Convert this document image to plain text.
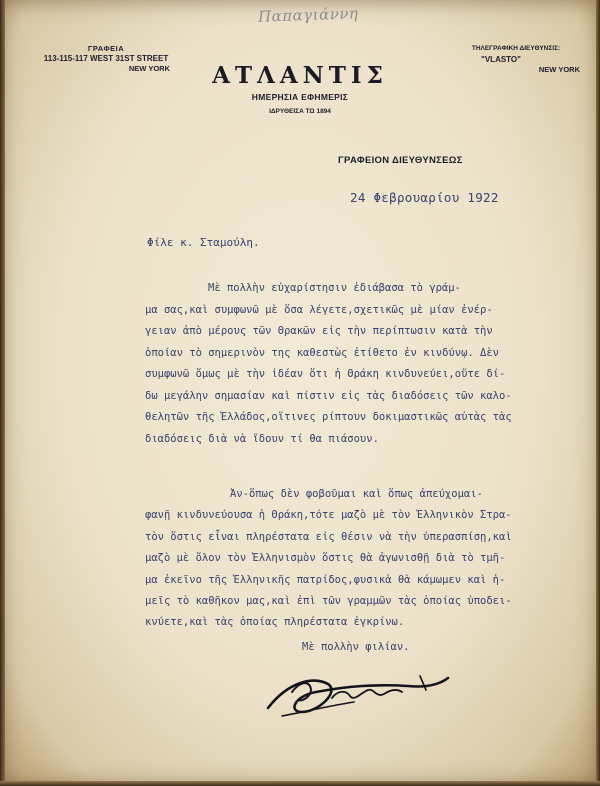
Παπαγιάννη
ΓΡΑΦΕΙΑ
113-115-117 WEST 31ST STREET
NEW YORK
ΤΗΛΕΓΡΑΦΙΚΗ ΔΙΕΥΘΥΝΣΙΣ:
"VLASTO"
NEW YORK
ΑΤΛΑΝΤΙΣ
ΗΜΕΡΗΣΙΑ ΕΦΗΜΕΡΙΣ
ΙΔΡΥΘΕΙΣΑ ΤΩ 1894
ΓΡΑΦΕΙΟΝ ΔΙΕΥΘΥΝΣΕΩΣ
24 Φεβρουαρίου 1922
Φίλε κ. Σταμούλη.
Μὲ πολλὴν εὐχαρίστησιν ἐδιάβασα τὸ γράμ-
μα σας,καὶ συμφωνῶ μὲ ὅσα λέγετε,σχετικῶς μὲ μίαν ἐνέρ-
γειαν ἀπὸ μέρους τῶν Θρακῶν εἰς τὴν περίπτωσιν κατὰ τὴν
ὁποίαν τὸ σημερινὸν της καθεστὼς ἐτίθετο ἐν κινδύνῳ. Δὲν
συμφωνῶ ὅμως μὲ τὴν ἰδέαν ὅτι ἡ Θράκη κινδυνεύει,οὔτε δί-
δω μεγάλην σημασίαν καὶ πίστιν εἰς τὰς διαδόσεις τῶν καλο-
θελητῶν τῆς Ἑλλάδος,οἵτινες ρίπτουν δοκιμαστικῶς αὐτὰς τὰς
διαδόσεις διὰ νὰ ἴδουν τί θα πιάσουν.
Ἀν-ὅπως δὲν φοβοῦμαι καὶ ὅπως ἀπεύχομαι-
φανῇ κινδυνεύουσα ἡ Θράκη,τότε μαζὸ μὲ τὸν Ἑλληνικὸν Στρα-
τὸν ὅστις εἶναι πληρέστατα εἰς θέσιν νὰ τὴν ὑπερασπίσῃ,καὶ
μαζὸ μὲ ὅλον τὸν Ἑλληνισμὸν ὅστις θὰ ἀγωνισθῇ διὰ τὸ τμῆ-
μα ἐκεῖνο τῆς Ἑλληνικῆς πατρίδος,φυσικὰ θὰ κάμωμεν καὶ ἡ-
μεῖς τὸ καθῆκον μας,καὶ ἐπὶ τῶν γραμμῶν τὰς ὁποίας ὑποδει-
κνύετε,καὶ τὰς ὁποίας πληρέστατα ἐγκρίνω.
Μὲ πολλὴν φιλίαν.
